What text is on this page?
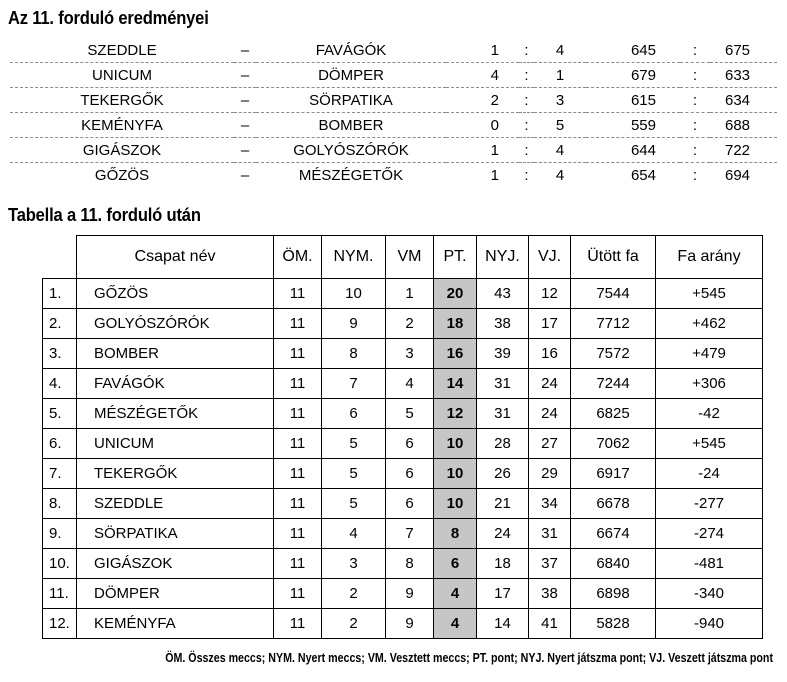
Az 11. forduló eredményei
SZEDDLE	–	FAVÁGÓK	1	:	4	645	:	675
UNICUM	–	DÖMPER	4	:	1	679	:	633
TEKERGŐK	–	SÖRPATIKA	2	:	3	615	:	634
KEMÉNYFA	–	BOMBER	0	:	5	559	:	688
GIGÁSZOK	–	GOLYÓSZÓRÓK	1	:	4	644	:	722
GŐZÖS	–	MÉSZÉGETŐK	1	:	4	654	:	694
Tabella a 11. forduló után
	Csapat név	ÖM.	NYM.	VM	PT.	NYJ.	VJ.	Ütött fa	Fa arány
1.	GŐZÖS	11	10	1	20	43	12	7544	+545
2.	GOLYÓSZÓRÓK	11	9	2	18	38	17	7712	+462
3.	BOMBER	11	8	3	16	39	16	7572	+479
4.	FAVÁGÓK	11	7	4	14	31	24	7244	+306
5.	MÉSZÉGETŐK	11	6	5	12	31	24	6825	-42
6.	UNICUM	11	5	6	10	28	27	7062	+545
7.	TEKERGŐK	11	5	6	10	26	29	6917	-24
8.	SZEDDLE	11	5	6	10	21	34	6678	-277
9.	SÖRPATIKA	11	4	7	8	24	31	6674	-274
10.	GIGÁSZOK	11	3	8	6	18	37	6840	-481
11.	DÖMPER	11	2	9	4	17	38	6898	-340
12.	KEMÉNYFA	11	2	9	4	14	41	5828	-940
ÖM. Összes meccs; NYM. Nyert meccs; VM. Vesztett meccs; PT. pont; NYJ. Nyert játszma pont; VJ. Veszett játszma pont
